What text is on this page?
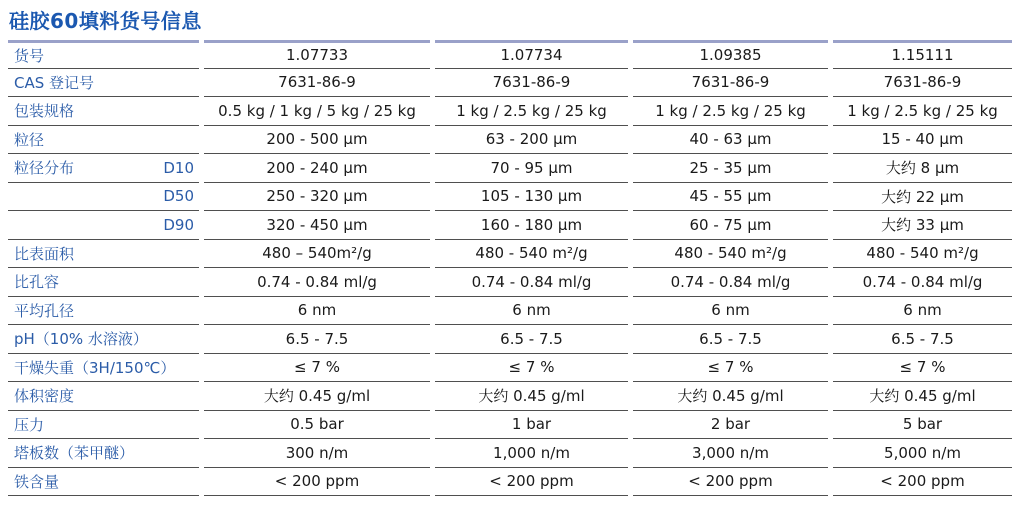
硅胶60填料货号信息
货号	1.07733	1.07734	1.09385	1.15111
CAS 登记号	7631-86-9	7631-86-9	7631-86-9	7631-86-9
包装规格	0.5 kg / 1 kg / 5 kg / 25 kg	1 kg / 2.5 kg / 25 kg	1 kg / 2.5 kg / 25 kg	1 kg / 2.5 kg / 25 kg
粒径	200 - 500 μm	63 - 200 μm	40 - 63 μm	15 - 40 μm
粒径分布	D10	200 - 240 μm	70 - 95 μm	25 - 35 μm	大约 8 μm
D50	250 - 320 μm	105 - 130 μm	45 - 55 μm	大约 22 μm
D90	320 - 450 μm	160 - 180 μm	60 - 75 μm	大约 33 μm
比表面积	480 – 540m²/g	480 - 540 m²/g	480 - 540 m²/g	480 - 540 m²/g
比孔容	0.74 - 0.84 ml/g	0.74 - 0.84 ml/g	0.74 - 0.84 ml/g	0.74 - 0.84 ml/g
平均孔径	6 nm	6 nm	6 nm	6 nm
pH（10% 水溶液）	6.5 - 7.5	6.5 - 7.5	6.5 - 7.5	6.5 - 7.5
干燥失重（3H/150℃）	≤ 7 %	≤ 7 %	≤ 7 %	≤ 7 %
体积密度	大约 0.45 g/ml	大约 0.45 g/ml	大约 0.45 g/ml	大约 0.45 g/ml
压力	0.5 bar	1 bar	2 bar	5 bar
塔板数（苯甲醚）	300 n/m	1,000 n/m	3,000 n/m	5,000 n/m
铁含量	< 200 ppm	< 200 ppm	< 200 ppm	< 200 ppm
